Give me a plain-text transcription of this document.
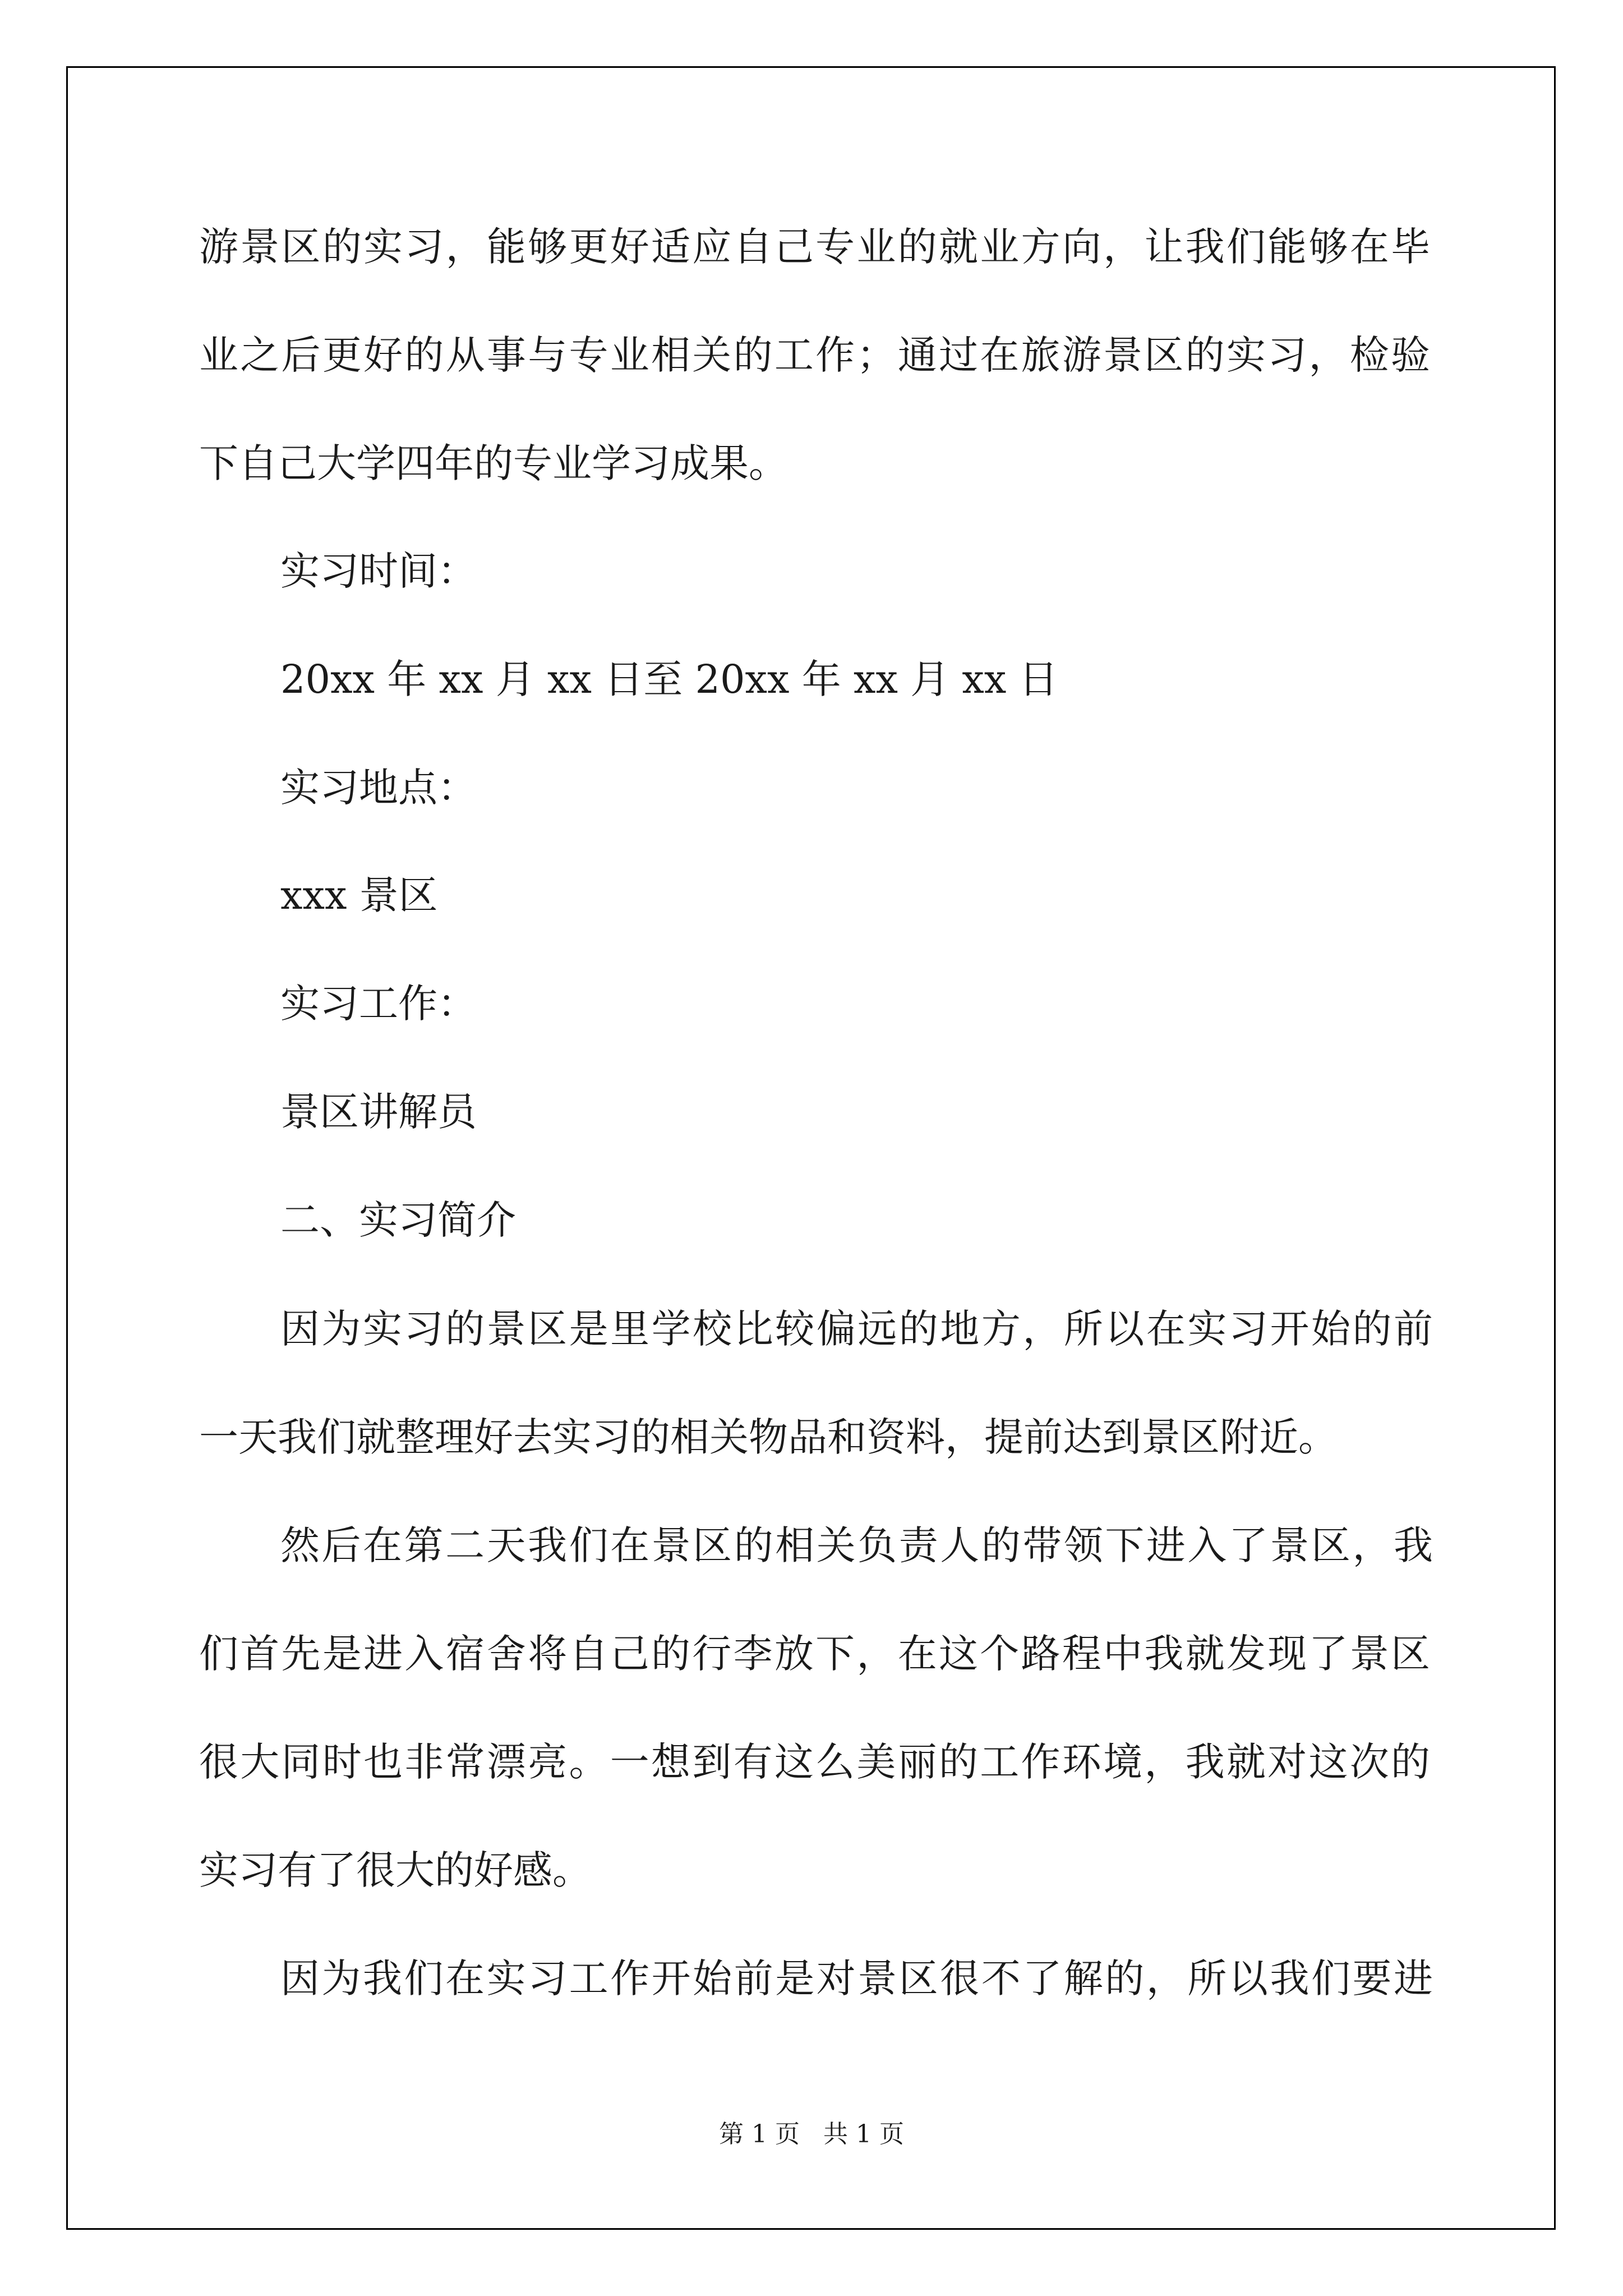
游景区的实习，能够更好适应自己专业的就业方向，让我们能够在毕

业之后更好的从事与专业相关的工作；通过在旅游景区的实习，检验

下自己大学四年的专业学习成果。

实习时间：

20xx 年 xx 月 xx 日至 20xx 年 xx 月 xx 日

实习地点：

xxx 景区

实习工作：

景区讲解员

二、实习简介

因为实习的景区是里学校比较偏远的地方，所以在实习开始的前

一天我们就整理好去实习的相关物品和资料，提前达到景区附近。

然后在第二天我们在景区的相关负责人的带领下进入了景区，我

们首先是进入宿舍将自己的行李放下，在这个路程中我就发现了景区

很大同时也非常漂亮。一想到有这么美丽的工作环境，我就对这次的

实习有了很大的好感。

因为我们在实习工作开始前是对景区很不了解的，所以我们要进

第 1 页   共 1 页
